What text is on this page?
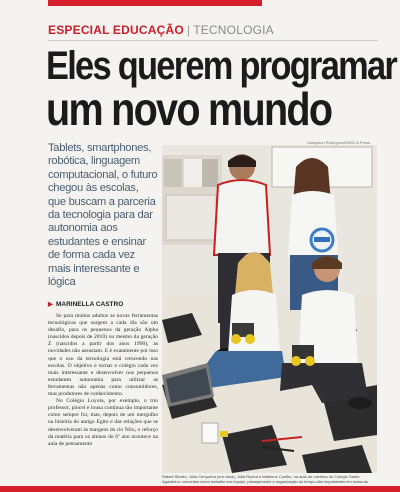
ESPECIAL EDUCAÇÃO | TECNOLOGIA
Eles querem programar
um novo mundo
Tablets, smartphones, robótica, linguagem computacional, o futuro chegou às escolas, que buscam a parceria da tecnologia para dar autonomia aos estudantes e ensinar de forma cada vez mais interessante e lógica
▶ MARINELLA CASTRO

Se para muitos adultos as novas ferramentas tecnológicas que surgem a cada dia são um desafio, para os pequenos da geração Alpha (nascidos depois de 2010) ou mesmo da geração Z (nascidos a partir dos anos 1990), as novidades não assustam. E é exatamente por isso que o uso da tecnologia está crescendo nas escolas. O objetivo é tornar o colégio cada vez mais interessante e desenvolver nos pequenos estudantes autonomia para utilizar as ferramentas não apenas como consumidores, mas produtores de conhecimento.

No Colégio Loyola, por exemplo, o trio professor, pincel e lousa continua tão importante como sempre foi, mas, depois de um mergulho na história do antigo Egito e das relações que se desenvolveram às margens do rio Nilo, o reforço da matéria para os alunos do 6º ano acontece na aula de pensamento

Gladyston Rodrigues/EM/D.A Press
Rafael Silvato, Júlia Cerqueira (em cima), Júlia Rocha e Matheus Coelho, na aula de robótica do Colégio Santo Agostinho: conceitos como trabalho em equipe, planejamento e organização do tempo são importantes em todas as
